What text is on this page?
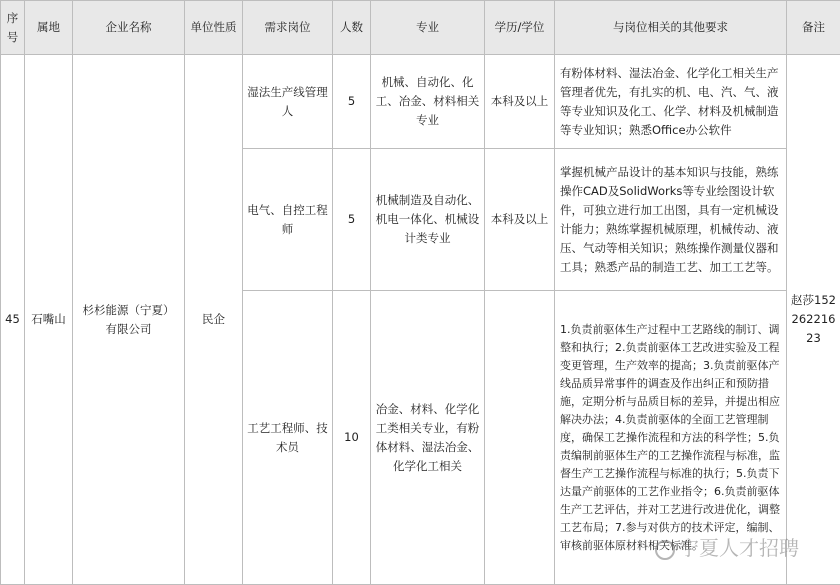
序号	属地	企业名称	单位性质	需求岗位	人数	专业	学历/学位	与岗位相关的其他要求	备注
45	石嘴山	杉杉能源（宁夏）有限公司	民企	湿法生产线管理人	5	机械、自动化、化工、冶金、材料相关专业	本科及以上	有粉体材料、湿法冶金、化学化工相关生产管理者优先，有扎实的机、电、汽、气、液等专业知识及化工、化学、材料及机械制造等专业知识；熟悉Office办公软件	赵莎15226221623
				电气、自控工程师	5	机械制造及自动化、机电一体化、机械设计类专业	本科及以上	掌握机械产品设计的基本知识与技能，熟练操作CAD及SolidWorks等专业绘图设计软件，可独立进行加工出图，具有一定机械设计能力；熟练掌握机械原理，机械传动、液压、气动等相关知识；熟练操作测量仪器和工具；熟悉产品的制造工艺、加工工艺等。	
				工艺工程师、技术员	10	冶金、材料、化学化工类相关专业，有粉体材料、湿法冶金、化学化工相关		1.负责前驱体生产过程中工艺路线的制订、调整和执行；2.负责前驱体工艺改进实验及工程变更管理，生产效率的提高；3.负责前驱体产线品质异常事件的调查及作出纠正和预防措施，定期分析与品质目标的差异，并提出相应解决办法；4.负责前驱体的全面工艺管理制度，确保工艺操作流程和方法的科学性；5.负责编制前驱体生产的工艺操作流程与标准，监督生产工艺操作流程与标准的执行；5.负责下达量产前驱体的工艺作业指令；6.负责前驱体生产工艺评估，并对工艺进行改进优化，调整工艺布局；7.参与对供方的技术评定，编制、审核前驱体原材料相关标准。	
宁夏人才招聘
